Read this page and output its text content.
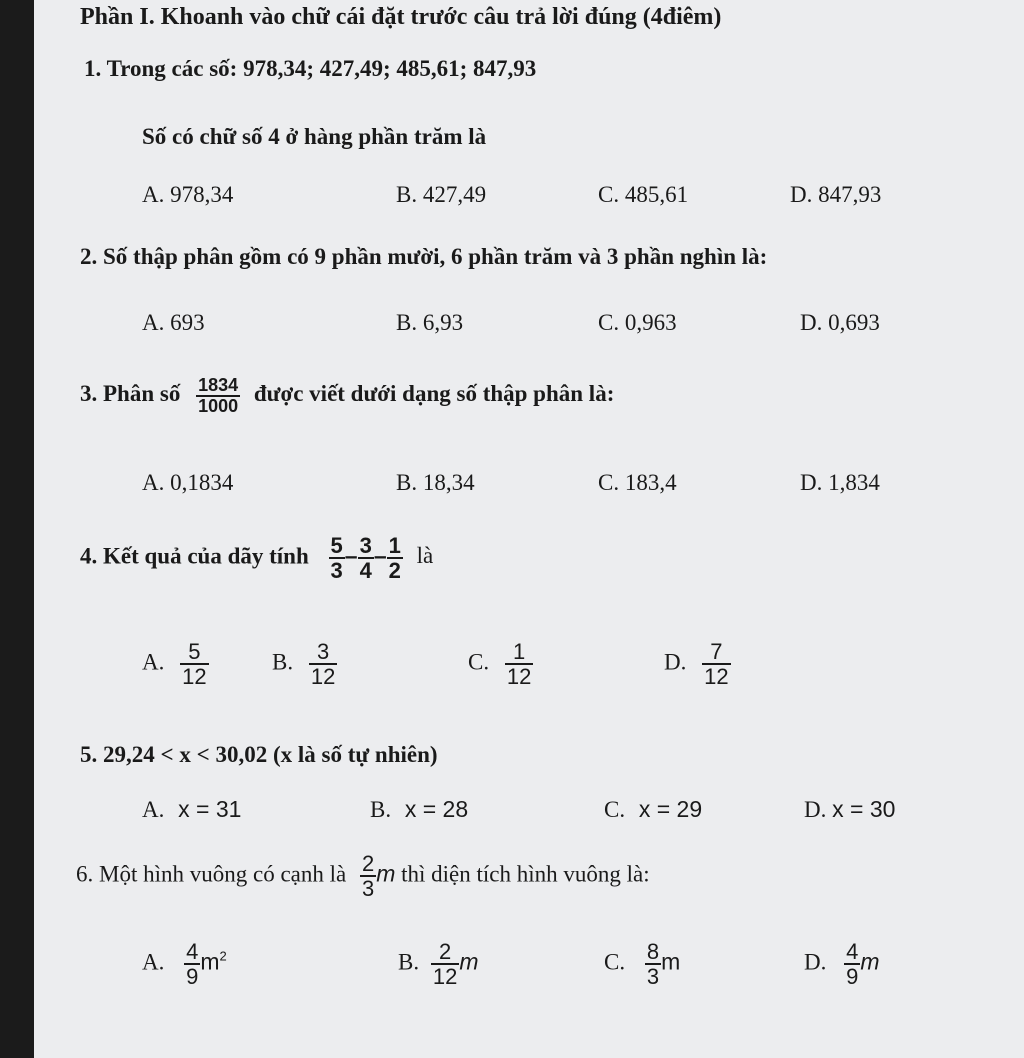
Phần I. Khoanh vào chữ cái đặt trước câu trả lời đúng (4điêm)
1. Trong các số: 978,34; 427,49; 485,61; 847,93
Số có chữ số 4 ở hàng phần trăm là
A. 978,34	B. 427,49	C. 485,61	D. 847,93
2. Số thập phân gồm có 9 phần mười, 6 phần trăm và 3 phần nghìn là:
A. 693	B. 6,93	C. 0,963	D. 0,693
3. Phân số $\frac{1834}{1000}$ được viết dưới dạng số thập phân là:
A. 0,1834	B. 18,34	C. 183,4	D. 1,834
4. Kết quả của dãy tính $\frac{5}{3} - \frac{3}{4} - \frac{1}{2}$ là
A. $\frac{5}{12}$	B. $\frac{3}{12}$	C. $\frac{1}{12}$	D. $\frac{7}{12}$
5. 29,24 < x < 30,02 (x là số tự nhiên)
A. x = 31	B. x = 28	C. x = 29	D. x = 30
6. Một hình vuông có cạnh là $\frac{2}{3}$ m thì diện tích hình vuông là:
A. $\frac{4}{9} m^2$	B. $\frac{2}{12}$ m	C. $\frac{8}{3}$ m	D. $\frac{4}{9}$ m
